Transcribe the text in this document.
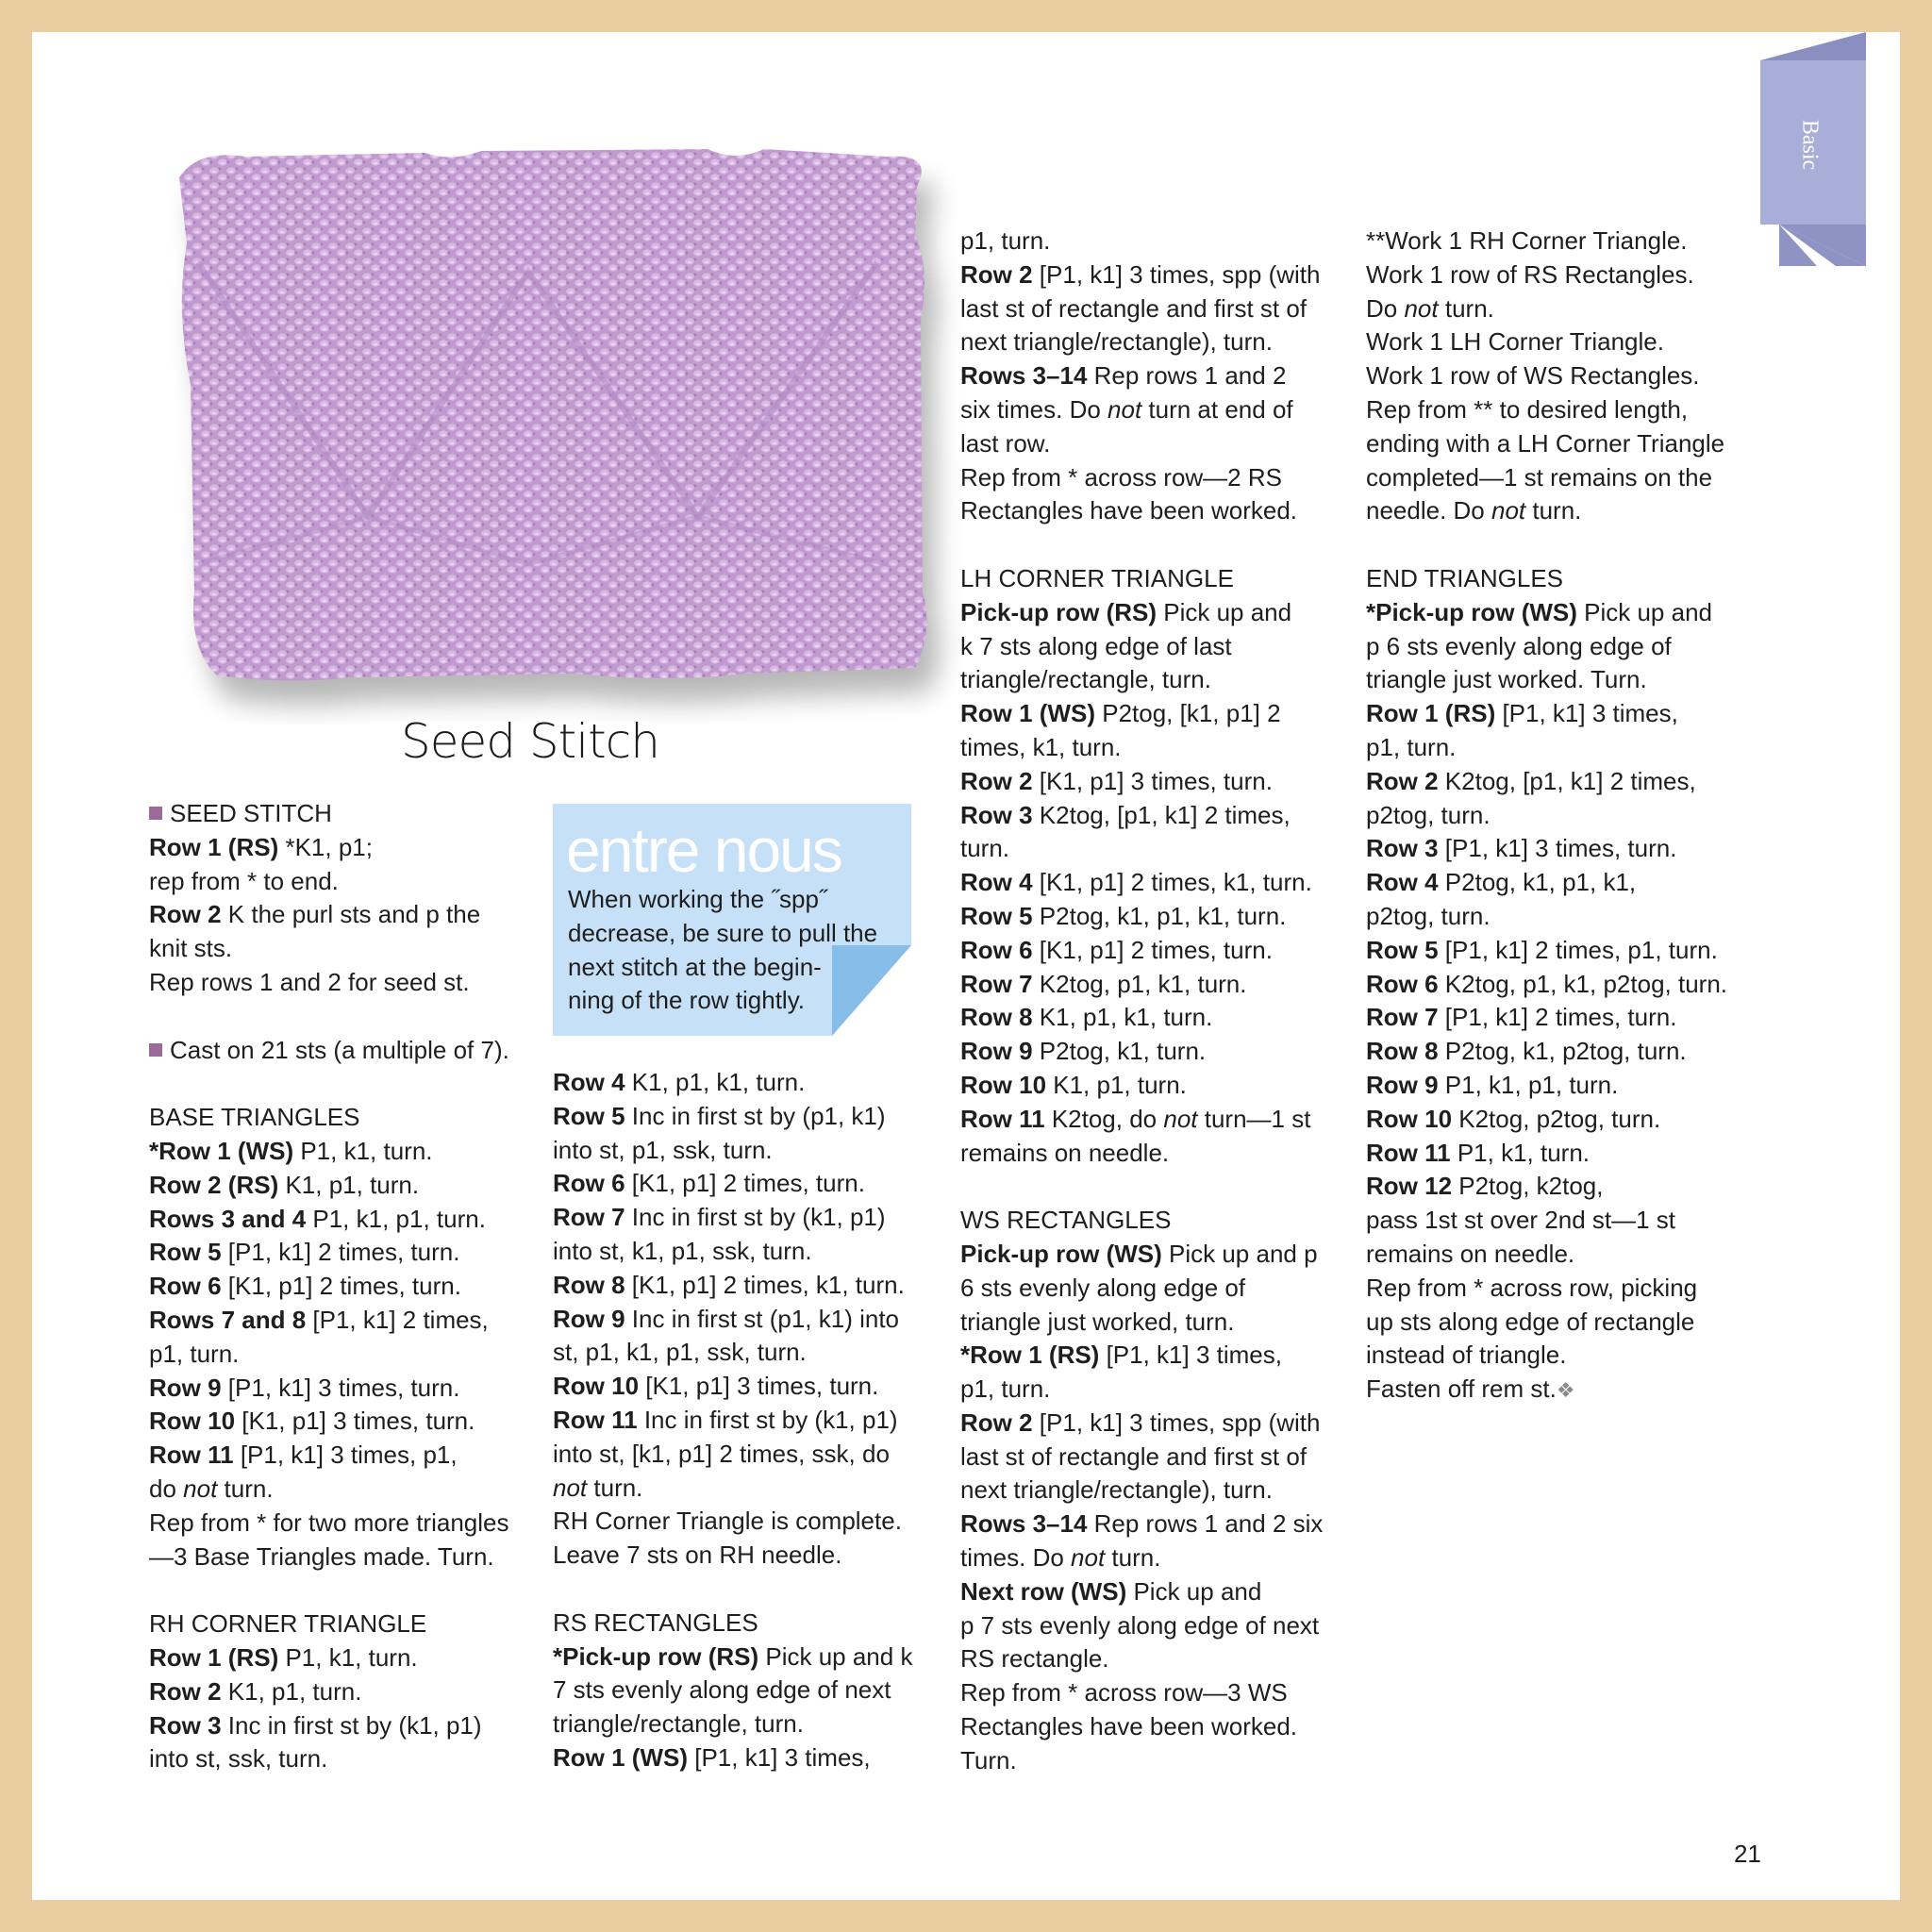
Basic
Seed Stitch
SEED STITCH
Row 1 (RS) *K1, p1;
rep from * to end.
Row 2 K the purl sts and p the
knit sts.
Rep rows 1 and 2 for seed st.
Cast on 21 sts (a multiple of 7).
BASE TRIANGLES
*Row 1 (WS) P1, k1, turn.
Row 2 (RS) K1, p1, turn.
Rows 3 and 4 P1, k1, p1, turn.
Row 5 [P1, k1] 2 times, turn.
Row 6 [K1, p1] 2 times, turn.
Rows 7 and 8 [P1, k1] 2 times,
p1, turn.
Row 9 [P1, k1] 3 times, turn.
Row 10 [K1, p1] 3 times, turn.
Row 11 [P1, k1] 3 times, p1,
do not turn.
Rep from * for two more triangles
—3 Base Triangles made. Turn.
RH CORNER TRIANGLE
Row 1 (RS) P1, k1, turn.
Row 2 K1, p1, turn.
Row 3 Inc in first st by (k1, p1)
into st, ssk, turn.
entre nous
When working the ˝spp˝
decrease, be sure to pull the
next stitch at the begin-
ning of the row tightly.
Row 4 K1, p1, k1, turn.
Row 5 Inc in first st by (p1, k1)
into st, p1, ssk, turn.
Row 6 [K1, p1] 2 times, turn.
Row 7 Inc in first st by (k1, p1)
into st, k1, p1, ssk, turn.
Row 8 [K1, p1] 2 times, k1, turn.
Row 9 Inc in first st (p1, k1) into
st, p1, k1, p1, ssk, turn.
Row 10 [K1, p1] 3 times, turn.
Row 11 Inc in first st by (k1, p1)
into st, [k1, p1] 2 times, ssk, do
not turn.
RH Corner Triangle is complete.
Leave 7 sts on RH needle.
RS RECTANGLES
*Pick-up row (RS) Pick up and k
7 sts evenly along edge of next
triangle/rectangle, turn.
Row 1 (WS) [P1, k1] 3 times,
p1, turn.
Row 2 [P1, k1] 3 times, spp (with
last st of rectangle and first st of
next triangle/rectangle), turn.
Rows 3–14 Rep rows 1 and 2
six times. Do not turn at end of
last row.
Rep from * across row—2 RS
Rectangles have been worked.
LH CORNER TRIANGLE
Pick-up row (RS) Pick up and
k 7 sts along edge of last
triangle/rectangle, turn.
Row 1 (WS) P2tog, [k1, p1] 2
times, k1, turn.
Row 2 [K1, p1] 3 times, turn.
Row 3 K2tog, [p1, k1] 2 times,
turn.
Row 4 [K1, p1] 2 times, k1, turn.
Row 5 P2tog, k1, p1, k1, turn.
Row 6 [K1, p1] 2 times, turn.
Row 7 K2tog, p1, k1, turn.
Row 8 K1, p1, k1, turn.
Row 9 P2tog, k1, turn.
Row 10 K1, p1, turn.
Row 11 K2tog, do not turn—1 st
remains on needle.
WS RECTANGLES
Pick-up row (WS) Pick up and p
6 sts evenly along edge of
triangle just worked, turn.
*Row 1 (RS) [P1, k1] 3 times,
p1, turn.
Row 2 [P1, k1] 3 times, spp (with
last st of rectangle and first st of
next triangle/rectangle), turn.
Rows 3–14 Rep rows 1 and 2 six
times. Do not turn.
Next row (WS) Pick up and
p 7 sts evenly along edge of next
RS rectangle.
Rep from * across row—3 WS
Rectangles have been worked.
Turn.
**Work 1 RH Corner Triangle.
Work 1 row of RS Rectangles.
Do not turn.
Work 1 LH Corner Triangle.
Work 1 row of WS Rectangles.
Rep from ** to desired length,
ending with a LH Corner Triangle
completed—1 st remains on the
needle. Do not turn.
END TRIANGLES
*Pick-up row (WS) Pick up and
p 6 sts evenly along edge of
triangle just worked. Turn.
Row 1 (RS) [P1, k1] 3 times,
p1, turn.
Row 2 K2tog, [p1, k1] 2 times,
p2tog, turn.
Row 3 [P1, k1] 3 times, turn.
Row 4 P2tog, k1, p1, k1,
p2tog, turn.
Row 5 [P1, k1] 2 times, p1, turn.
Row 6 K2tog, p1, k1, p2tog, turn.
Row 7 [P1, k1] 2 times, turn.
Row 8 P2tog, k1, p2tog, turn.
Row 9 P1, k1, p1, turn.
Row 10 K2tog, p2tog, turn.
Row 11 P1, k1, turn.
Row 12 P2tog, k2tog,
pass 1st st over 2nd st—1 st
remains on needle.
Rep from * across row, picking
up sts along edge of rectangle
instead of triangle.
Fasten off rem st.❖
21
